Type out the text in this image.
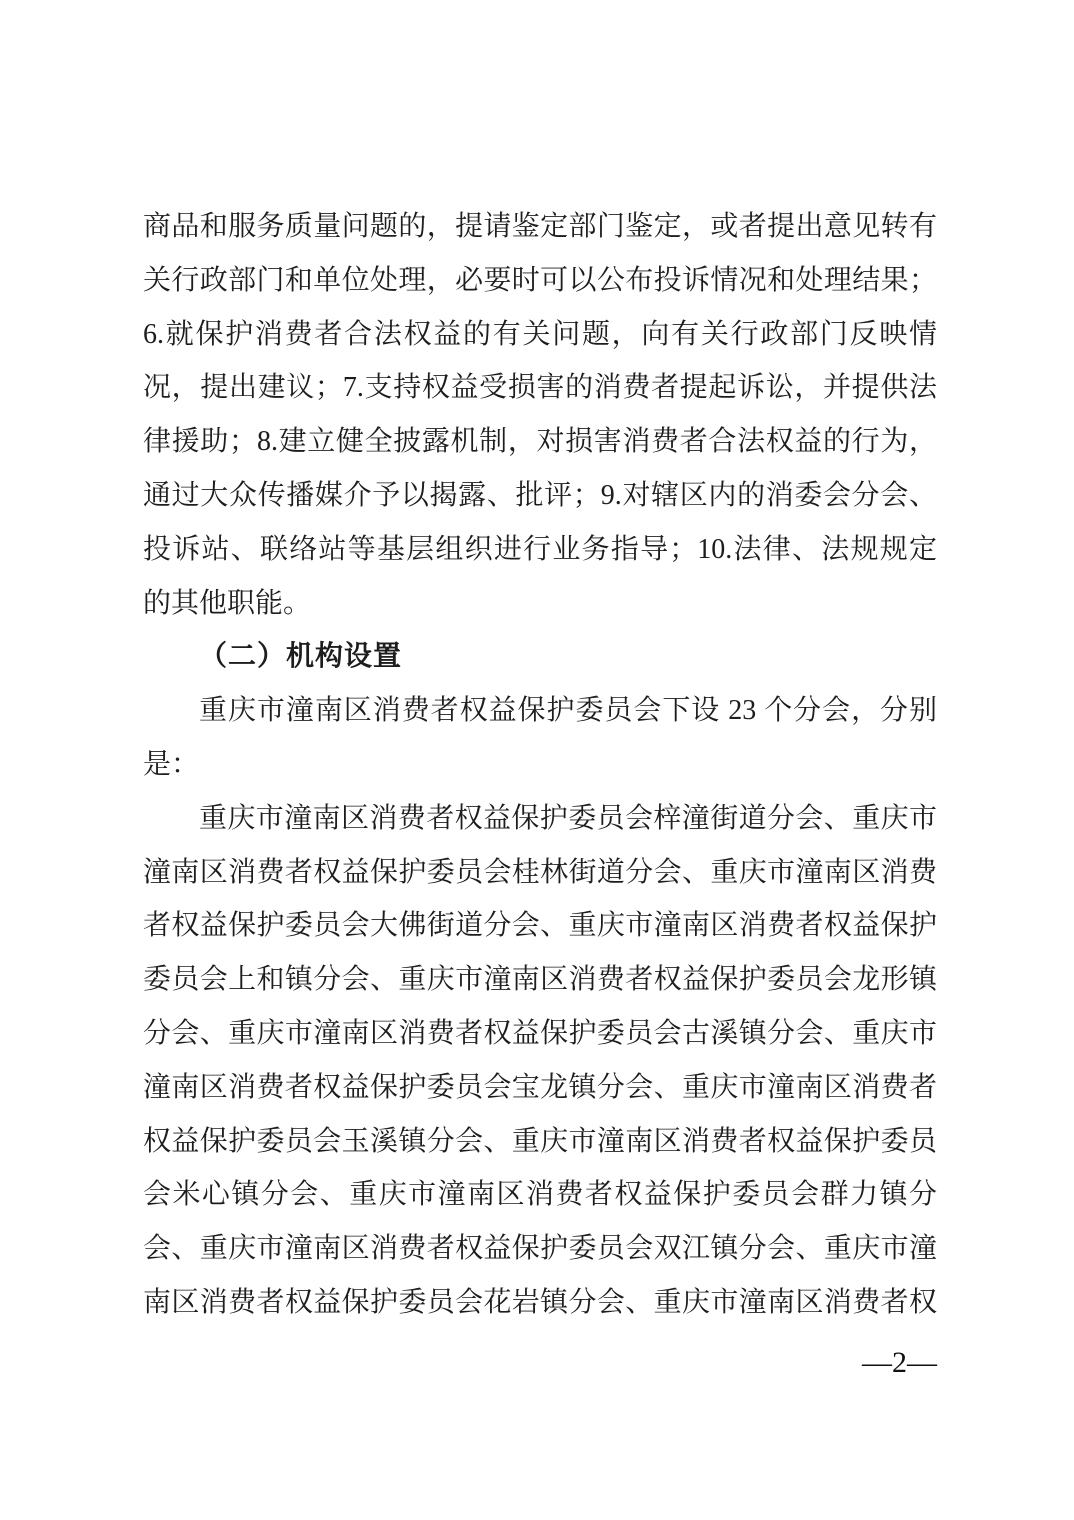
商品和服务质量问题的，提请鉴定部门鉴定，或者提出意见转有
关行政部门和单位处理，必要时可以公布投诉情况和处理结果；
6.就保护消费者合法权益的有关问题，向有关行政部门反映情
况，提出建议；7.支持权益受损害的消费者提起诉讼，并提供法
律援助；8.建立健全披露机制，对损害消费者合法权益的行为，
通过大众传播媒介予以揭露、批评；9.对辖区内的消委会分会、
投诉站、联络站等基层组织进行业务指导；10.法律、法规规定
的其他职能。
（二）机构设置
重庆市潼南区消费者权益保护委员会下设 23 个分会，分别
是：
重庆市潼南区消费者权益保护委员会梓潼街道分会、重庆市
潼南区消费者权益保护委员会桂林街道分会、重庆市潼南区消费
者权益保护委员会大佛街道分会、重庆市潼南区消费者权益保护
委员会上和镇分会、重庆市潼南区消费者权益保护委员会龙形镇
分会、重庆市潼南区消费者权益保护委员会古溪镇分会、重庆市
潼南区消费者权益保护委员会宝龙镇分会、重庆市潼南区消费者
权益保护委员会玉溪镇分会、重庆市潼南区消费者权益保护委员
会米心镇分会、重庆市潼南区消费者权益保护委员会群力镇分
会、重庆市潼南区消费者权益保护委员会双江镇分会、重庆市潼
南区消费者权益保护委员会花岩镇分会、重庆市潼南区消费者权
—2—
